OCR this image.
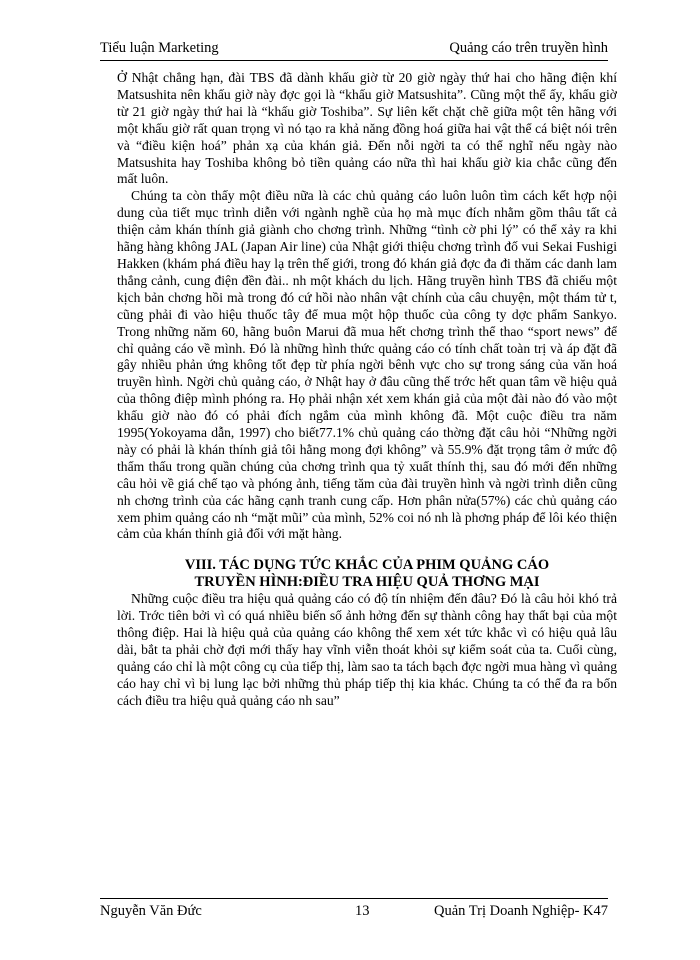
Tiểu luận Marketing	Quảng cáo trên truyền hình

Ở Nhật chẳng hạn, đài TBS đã dành khấu giờ từ 20 giờ ngày thứ hai cho hãng điện khí Matsushita nên khấu giờ này đợc gọi là “khấu giờ Matsushita”. Cũng một thể ấy, khấu giờ từ 21 giờ ngày thứ hai là “khấu giờ Toshiba”. Sự liên kết chặt chẽ giữa một tên hãng với một khấu giờ rất quan trọng vì nó tạo ra khả năng đồng hoá giữa hai vật thể cá biệt nói trên và “điều kiện hoá” phản xạ của khán giả. Đến nỗi ngời ta có thể nghĩ nếu ngày nào Matsushita hay Toshiba không bỏ tiền quảng cáo nữa thì hai khấu giờ kia chắc cũng đến mất luôn.

Chúng ta còn thấy một điều nữa là các chủ quảng cáo luôn luôn tìm cách kết hợp nội dung của tiết mục trình diễn với ngành nghề của họ mà mục đích nhằm gồm thâu tất cả thiện cảm khán thính giả giành cho chơng trình. Những “tình cờ phi lý” có thể xảy ra khi hãng hàng không JAL (Japan Air line) của Nhật giới thiệu chơng trình đố vui Sekai Fushigi Hakken (khám phá điều hay lạ trên thế giới, trong đó khán giả đợc đa đi thăm các danh lam thắng cảnh, cung điện đền đài.. nh một khách du lịch. Hãng truyền hình TBS đã chiếu một kịch bản chơng hồi mà trong đó cứ hồi nào nhân vật chính của câu chuyện, một thám tử t, cũng phải đi vào hiệu thuốc tây để mua một hộp thuốc của công ty dợc phẩm Sankyo. Trong những năm 60, hãng buôn Marui đã mua hết chơng trình thể thao “sport news” để chỉ quảng cáo về mình. Đó là những hình thức quảng cáo có tính chất toàn trị và áp đặt đã gây nhiều phản ứng không tốt đẹp từ phía ngời bênh vực cho sự trong sáng của văn hoá truyền hình. Ngời chủ quảng cáo, ở Nhật hay ở đâu cũng thế trớc hết quan tâm về hiệu quả của thông điệp mình phóng ra. Họ phải nhận xét xem khán giả của một đài nào đó vào một khấu giờ nào đó có phải đích ngắm của mình không đã. Một cuộc điều tra năm 1995(Yokoyama dẫn, 1997) cho biết77.1% chủ quảng cáo thờng đặt câu hỏi “Những ngời này có phải là khán thính giả tôi hằng mong đợi không” và 55.9% đặt trọng tâm ở mức độ thẩm thấu trong quần chúng của chơng trình qua tỷ xuất thính thị, sau đó mới đến những câu hỏi về giá chế tạo và phóng ảnh, tiếng tăm của đài truyền hình và ngời trình diễn cũng nh chơng trình của các hãng cạnh tranh cung cấp. Hơn phân nửa(57%) các chủ quảng cáo xem phim quảng cáo nh “mặt mũi” của mình, 52% coi nó nh là phơng pháp để lôi kéo thiện cảm của khán thính giả đối với mặt hàng.

VIII. TÁC DỤNG TỨC KHẮC CỦA PHIM QUẢNG CÁO
TRUYỀN HÌNH:ĐIỀU TRA HIỆU QUẢ THƠNG MẠI

Những cuộc điều tra hiệu quả quảng cáo có độ tín nhiệm đến đâu? Đó là câu hỏi khó trả lời. Trớc tiên bởi vì có quá nhiều biến số ảnh hởng đến sự thành công hay thất bại của một thông điệp. Hai là hiệu quả của quảng cáo không thể xem xét tức khắc vì có hiệu quả lâu dài, bắt ta phải chờ đợi mới thấy hay vĩnh viễn thoát khỏi sự kiểm soát của ta. Cuối cùng, quảng cáo chỉ là một công cụ của tiếp thị, làm sao ta tách bạch đợc ngời mua hàng vì quảng cáo hay chỉ vì bị lung lạc bởi những thủ pháp tiếp thị kia khác. Chúng ta có thể đa ra bốn cách điều tra hiệu quả quảng cáo nh sau”

Nguyễn Văn Đức	13	Quản Trị Doanh Nghiệp- K47
